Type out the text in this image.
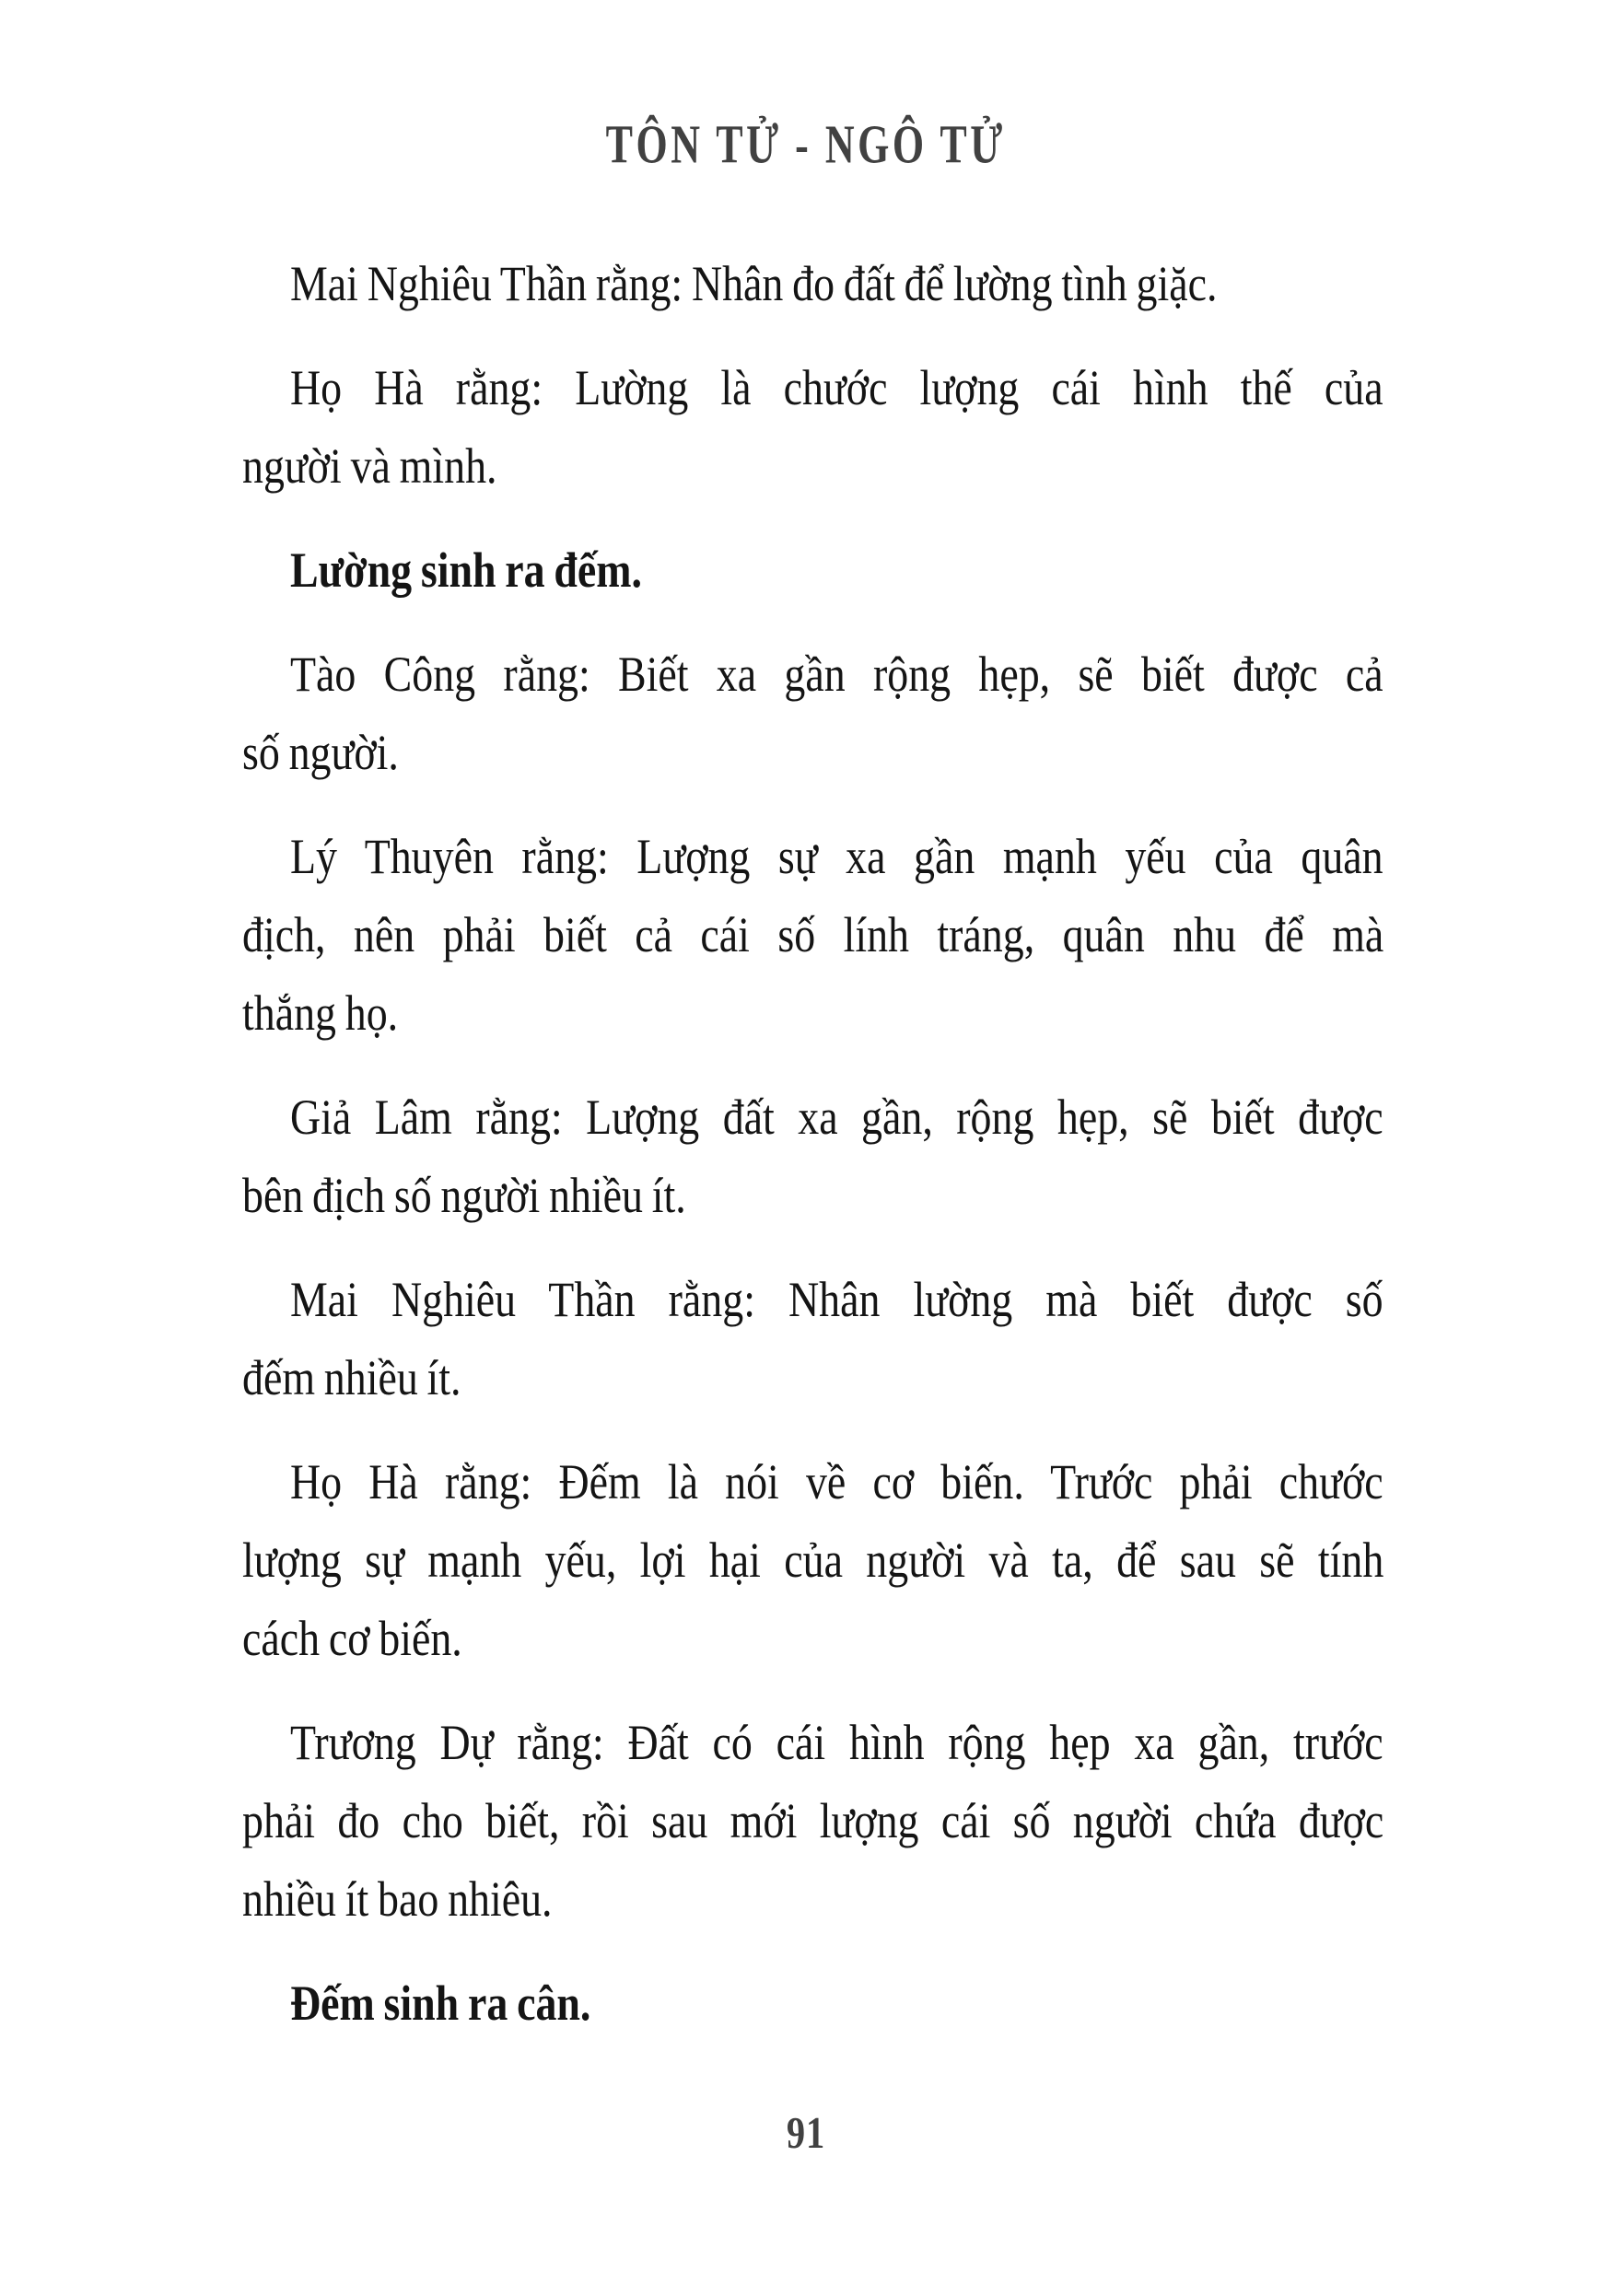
TÔN TỬ - NGÔ TỬ
Mai Nghiêu Thần rằng: Nhân đo đất để lường tình giặc.
Họ Hà rằng: Lường là chước lượng cái hình thế của
người và mình.
Lường sinh ra đếm.
Tào Công rằng: Biết xa gần rộng hẹp, sẽ biết được cả
số người.
Lý Thuyên rằng: Lượng sự xa gần mạnh yếu của quân
địch, nên phải biết cả cái số lính tráng, quân nhu để mà
thắng họ.
Giả Lâm rằng: Lượng đất xa gần, rộng hẹp, sẽ biết được
bên địch số người nhiều ít.
Mai Nghiêu Thần rằng: Nhân lường mà biết được số
đếm nhiều ít.
Họ Hà rằng: Đếm là nói về cơ biến. Trước phải chước
lượng sự mạnh yếu, lợi hại của người và ta, để sau sẽ tính
cách cơ biến.
Trương Dự rằng: Đất có cái hình rộng hẹp xa gần, trước
phải đo cho biết, rồi sau mới lượng cái số người chứa được
nhiều ít bao nhiêu.
Đếm sinh ra cân.
91
